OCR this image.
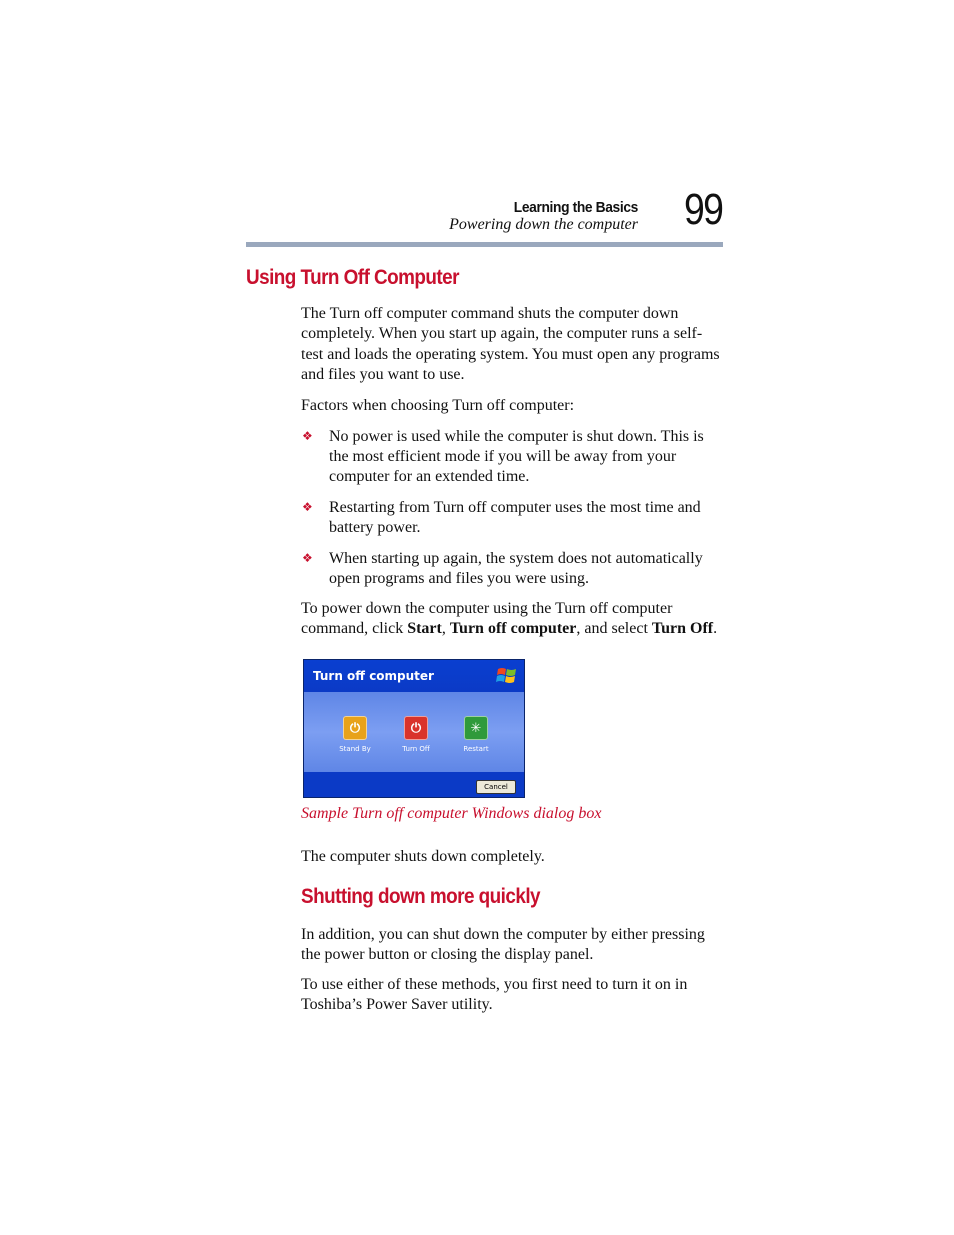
Learning the Basics
Powering down the computer 99
Using Turn Off Computer

The Turn off computer command shuts the computer down completely. When you start up again, the computer runs a self-test and loads the operating system. You must open any programs and files you want to use.

Factors when choosing Turn off computer:

❖ No power is used while the computer is shut down. This is the most efficient mode if you will be away from your computer for an extended time.
❖ Restarting from Turn off computer uses the most time and battery power.
❖ When starting up again, the system does not automatically open programs and files you were using.

To power down the computer using the Turn off computer command, click Start, Turn off computer, and select Turn Off.

Turn off computer
⏻
Stand By
⏻
Turn Off
✳
Restart
Cancel

Sample Turn off computer Windows dialog box

The computer shuts down completely.

Shutting down more quickly

In addition, you can shut down the computer by either pressing the power button or closing the display panel.

To use either of these methods, you first need to turn it on in Toshiba’s Power Saver utility.
